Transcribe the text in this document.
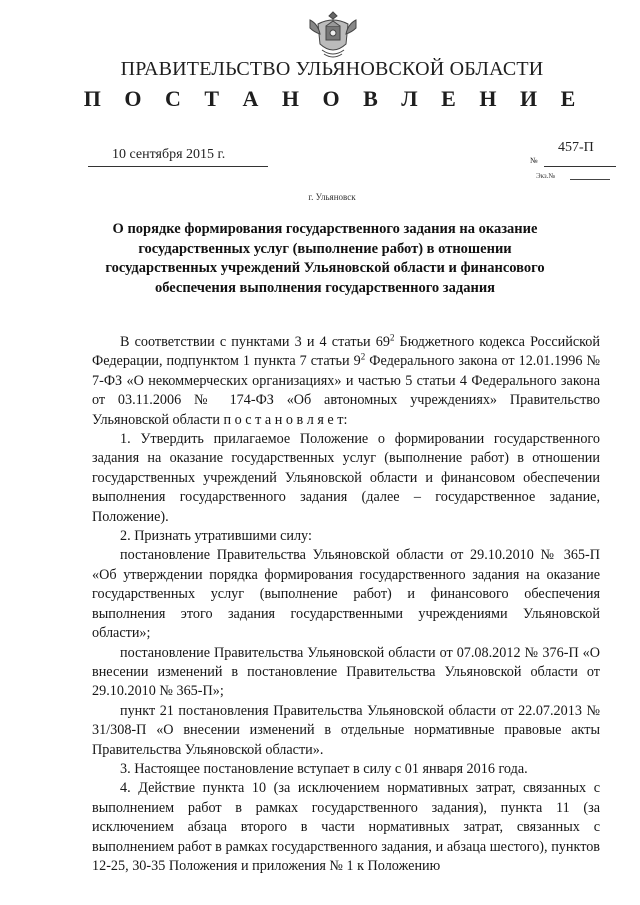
ПРАВИТЕЛЬСТВО УЛЬЯНОВСКОЙ ОБЛАСТИ
П О С Т А Н О В Л Е Н И Е
10 сентября 2015 г.	457-П
№
Экз.№
г. Ульяновск
О порядке формирования государственного задания на оказание государственных услуг (выполнение работ) в отношении государственных учреждений Ульяновской области и финансового обеспечения выполнения государственного задания

В соответствии с пунктами 3 и 4 статьи $69^2$ Бюджетного кодекса Российской Федерации, подпунктом 1 пункта 7 статьи $9^2$ Федерального закона от 12.01.1996 № 7-ФЗ «О некоммерческих организациях» и частью 5 статьи 4 Федерального закона от 03.11.2006 № 174-ФЗ «Об автономных учреждениях» Правительство Ульяновской области п о с т а н о в л я е т:

1. Утвердить прилагаемое Положение о формировании государственного задания на оказание государственных услуг (выполнение работ) в отношении государственных учреждений Ульяновской области и финансовом обеспечении выполнения государственного задания (далее – государственное задание, Положение).

2. Признать утратившими силу:

постановление Правительства Ульяновской области от 29.10.2010 № 365-П «Об утверждении порядка формирования государственного задания на оказание государственных услуг (выполнение работ) и финансового обеспечения выполнения этого задания государственными учреждениями Ульяновской области»;

постановление Правительства Ульяновской области от 07.08.2012 № 376-П «О внесении изменений в постановление Правительства Ульяновской области от 29.10.2010 № 365-П»;

пункт 21 постановления Правительства Ульяновской области от 22.07.2013 № 31/308-П «О внесении изменений в отдельные нормативные правовые акты Правительства Ульяновской области».

3. Настоящее постановление вступает в силу с 01 января 2016 года.

4. Действие пункта 10 (за исключением нормативных затрат, связанных с выполнением работ в рамках государственного задания), пункта 11 (за исключением абзаца второго в части нормативных затрат, связанных с выполнением работ в рамках государственного задания, и абзаца шестого), пунктов 12-25, 30-35 Положения и приложения № 1 к Положению
